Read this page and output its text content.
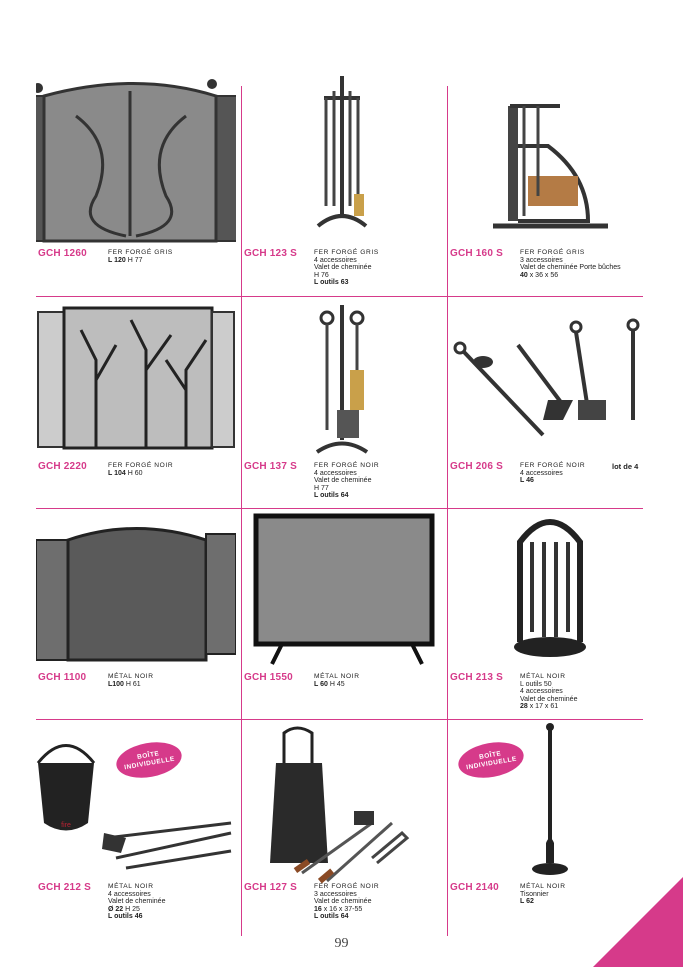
GCH 1260	FER FORGÉ GRIS
L 120 H 77
GCH 123 S	FER FORGÉ GRIS
4 accessoires
Valet de cheminée
H 76
L outils 63
GCH 160 S	FER FORGÉ GRIS
3 accessoires
Valet de cheminée Porte bûches
40 x 36 x 56
GCH 2220	FER FORGÉ NOIR
L 104 H 60
GCH 137 S	FER FORGÉ NOIR
4 accessoires
Valet de cheminée
H 77
L outils 64
GCH 206 S	FER FORGÉ NOIR
4 accessoires
L 46
lot de 4
GCH 1100	MÉTAL NOIR
L100 H 61
GCH 1550	MÉTAL NOIR
L 60 H 45
GCH 213 S	MÉTAL NOIR
L outils 50
4 accessoires
Valet de cheminée
28 x 17 x 61
fire
BOÎTE INDIVIDUELLE
GCH 212 S	MÉTAL NOIR
4 accessoires
Valet de cheminée
Ø 22 H 25
L outils 46
GCH 127 S	FER FORGÉ NOIR
3 accessoires
Valet de cheminée
16 x 16 x 37-55
L outils 64
BOÎTE INDIVIDUELLE
GCH 2140	MÉTAL NOIR
Tisonnier
L 62
99
